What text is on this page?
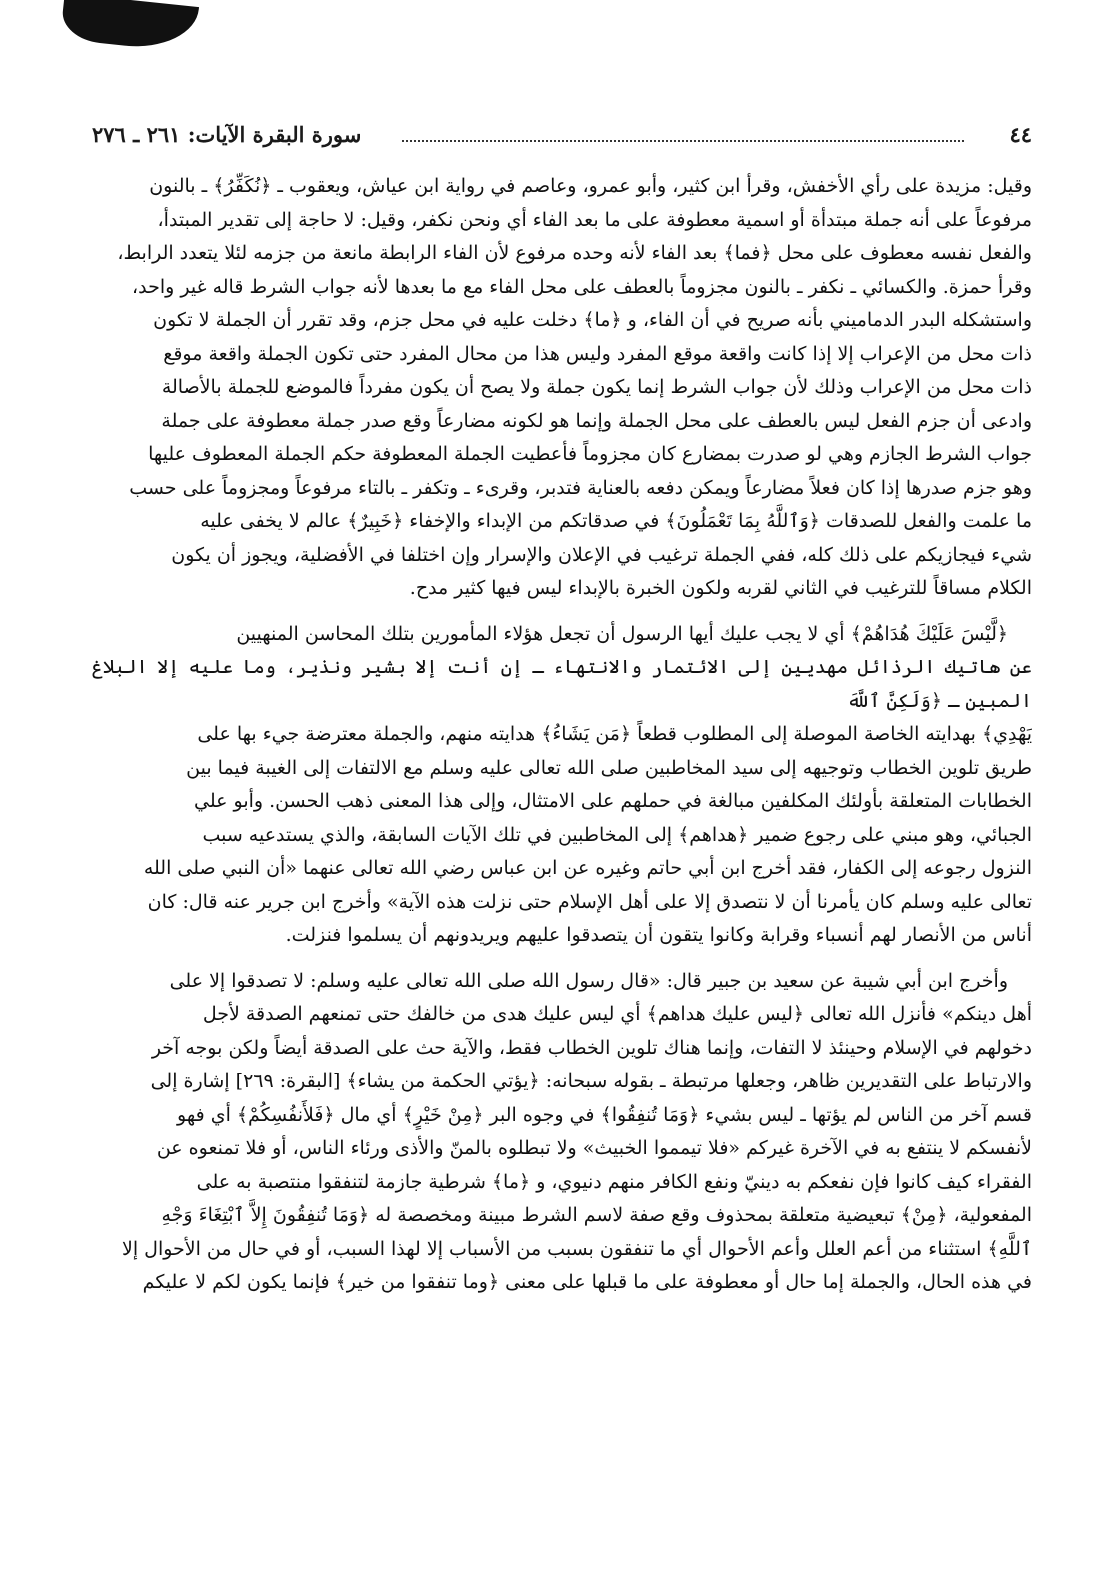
٤٤
سورة البقرة الآيات: ٢٦١ ـ ٢٧٦

وقيل: مزيدة على رأي الأخفش، وقرأ ابن كثير، وأبو عمرو، وعاصم في رواية ابن عياش، ويعقوب ـ ﴿نُكَفِّرُ﴾ ـ بالنون

مرفوعاً على أنه جملة مبتدأة أو اسمية معطوفة على ما بعد الفاء أي ونحن نكفر، وقيل: لا حاجة إلى تقدير المبتدأ،

والفعل نفسه معطوف على محل ﴿فما﴾ بعد الفاء لأنه وحده مرفوع لأن الفاء الرابطة مانعة من جزمه لئلا يتعدد الرابط،

وقرأ حمزة. والكسائي ـ نكفر ـ بالنون مجزوماً بالعطف على محل الفاء مع ما بعدها لأنه جواب الشرط قاله غير واحد،

واستشكله البدر الدماميني بأنه صريح في أن الفاء، و ﴿ما﴾ دخلت عليه في محل جزم، وقد تقرر أن الجملة لا تكون

ذات محل من الإعراب إلا إذا كانت واقعة موقع المفرد وليس هذا من محال المفرد حتى تكون الجملة واقعة موقع

ذات محل من الإعراب وذلك لأن جواب الشرط إنما يكون جملة ولا يصح أن يكون مفرداً فالموضع للجملة بالأصالة

وادعى أن جزم الفعل ليس بالعطف على محل الجملة وإنما هو لكونه مضارعاً وقع صدر جملة معطوفة على جملة

جواب الشرط الجازم وهي لو صدرت بمضارع كان مجزوماً فأعطيت الجملة المعطوفة حكم الجملة المعطوف عليها

وهو جزم صدرها إذا كان فعلاً مضارعاً ويمكن دفعه بالعناية فتدبر، وقرىء ـ وتكفر ـ بالتاء مرفوعاً ومجزوماً على حسب

ما علمت والفعل للصدقات ﴿وَٱللَّهُ بِمَا تَعْمَلُونَ﴾ في صدقاتكم من الإبداء والإخفاء ﴿خَبِيرٌ﴾ عالم لا يخفى عليه

شيء فيجازيكم على ذلك كله، ففي الجملة ترغيب في الإعلان والإسرار وإن اختلفا في الأفضلية، ويجوز أن يكون

الكلام مساقاً للترغيب في الثاني لقربه ولكون الخبرة بالإبداء ليس فيها كثير مدح.

﴿لَّيْسَ عَلَيْكَ هُدَاهُمْ﴾ أي لا يجب عليك أيها الرسول أن تجعل هؤلاء المأمورين بتلك المحاسن المنهيين

عن هاتيك الرذائل مهديين إلى الائتمار والانتهاء ـ إن أنت إلا بشير ونذير، وما عليه إلا البلاغ المبين ـ ﴿وَلَكِنَّ ٱللَّهَ

يَهْدِي﴾ بهدايته الخاصة الموصلة إلى المطلوب قطعاً ﴿مَن يَشَاءُ﴾ هدايته منهم، والجملة معترضة جيء بها على

طريق تلوين الخطاب وتوجيهه إلى سيد المخاطبين صلى الله تعالى عليه وسلم مع الالتفات إلى الغيبة فيما بين

الخطابات المتعلقة بأولئك المكلفين مبالغة في حملهم على الامتثال، وإلى هذا المعنى ذهب الحسن. وأبو علي

الجبائي، وهو مبني على رجوع ضمير ﴿هداهم﴾ إلى المخاطبين في تلك الآيات السابقة، والذي يستدعيه سبب

النزول رجوعه إلى الكفار، فقد أخرج ابن أبي حاتم وغيره عن ابن عباس رضي الله تعالى عنهما «أن النبي صلى الله

تعالى عليه وسلم كان يأمرنا أن لا نتصدق إلا على أهل الإسلام حتى نزلت هذه الآية» وأخرج ابن جرير عنه قال: كان

أناس من الأنصار لهم أنسباء وقرابة وكانوا يتقون أن يتصدقوا عليهم ويريدونهم أن يسلموا فنزلت.

وأخرج ابن أبي شيبة عن سعيد بن جبير قال: «قال رسول الله صلى الله تعالى عليه وسلم: لا تصدقوا إلا على

أهل دينكم» فأنزل الله تعالى ﴿ليس عليك هداهم﴾ أي ليس عليك هدى من خالفك حتى تمنعهم الصدقة لأجل

دخولهم في الإسلام وحينئذ لا التفات، وإنما هناك تلوين الخطاب فقط، والآية حث على الصدقة أيضاً ولكن بوجه آخر

والارتباط على التقديرين ظاهر، وجعلها مرتبطة ـ بقوله سبحانه: ﴿يؤتي الحكمة من يشاء﴾ [البقرة: ٢٦٩] إشارة إلى

قسم آخر من الناس لم يؤتها ـ ليس بشيء ﴿وَمَا تُنفِقُوا﴾ في وجوه البر ﴿مِنْ خَيْرٍ﴾ أي مال ﴿فَلأَنفُسِكُمْ﴾ أي فهو

لأنفسكم لا ينتفع به في الآخرة غيركم «فلا تيمموا الخبيث» ولا تبطلوه بالمنّ والأذى ورئاء الناس، أو فلا تمنعوه عن

الفقراء كيف كانوا فإن نفعكم به دينيّ ونفع الكافر منهم دنيوي، و ﴿ما﴾ شرطية جازمة لتنفقوا منتصبة به على

المفعولية، ﴿مِنْ﴾ تبعيضية متعلقة بمحذوف وقع صفة لاسم الشرط مبينة ومخصصة له ﴿وَمَا تُنفِقُونَ إِلاَّ ٱبْتِغَاءَ وَجْهِ

ٱللَّهِ﴾ استثناء من أعم العلل وأعم الأحوال أي ما تنفقون بسبب من الأسباب إلا لهذا السبب، أو في حال من الأحوال إلا

في هذه الحال، والجملة إما حال أو معطوفة على ما قبلها على معنى ﴿وما تنفقوا من خير﴾ فإنما يكون لكم لا عليكم
